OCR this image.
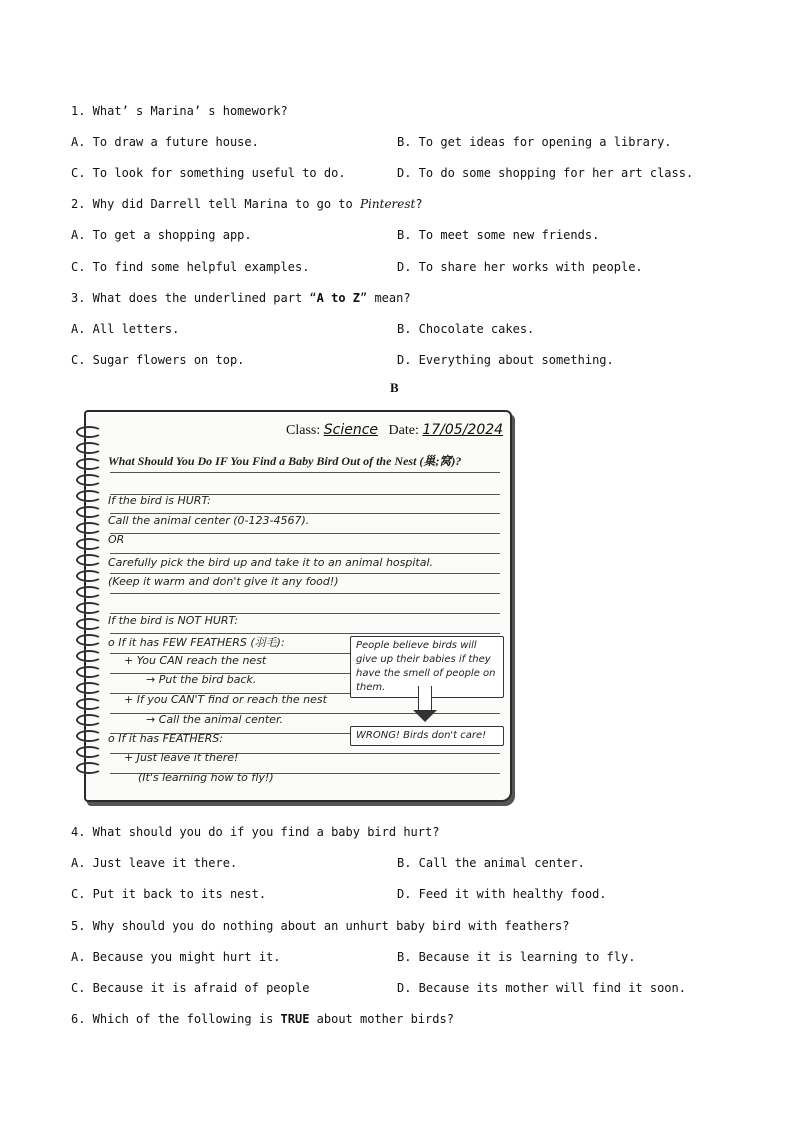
1. What’ s Marina’ s homework?
A. To draw a future house.	B. To get ideas for opening a library.
C. To look for something useful to do.	D. To do some shopping for her art class.
2. Why did Darrell tell Marina to go to Pinterest?
A. To get a shopping app.	B. To meet some new friends.
C. To find some helpful examples.	D. To share her works with people.
3. What does the underlined part “A to Z” mean?
A. All letters.	B. Chocolate cakes.
C. Sugar flowers on top.	D. Everything about something.
B
Class: Science Date: 17/05/2024
What Should You Do IF You Find a Baby Bird Out of the Nest (巢;窝)?
If the bird is HURT:
Call the animal center (0-123-4567).
OR
Carefully pick the bird up and take it to an animal hospital.
(Keep it warm and don't give it any food!)
If the bird is NOT HURT:
o If it has FEW FEATHERS (羽毛):
+ You CAN reach the nest
→ Put the bird back.
+ If you CAN'T find or reach the nest
→ Call the animal center.
o If it has FEATHERS:
+ Just leave it there!
(It's learning how to fly!)
People believe birds will give up their babies if they have the smell of people on them.
WRONG! Birds don't care!
4. What should you do if you find a baby bird hurt?
A. Just leave it there.	B. Call the animal center.
C. Put it back to its nest.	D. Feed it with healthy food.
5. Why should you do nothing about an unhurt baby bird with feathers?
A. Because you might hurt it.	B. Because it is learning to fly.
C. Because it is afraid of people	D. Because its mother will find it soon.
6. Which of the following is TRUE about mother birds?
